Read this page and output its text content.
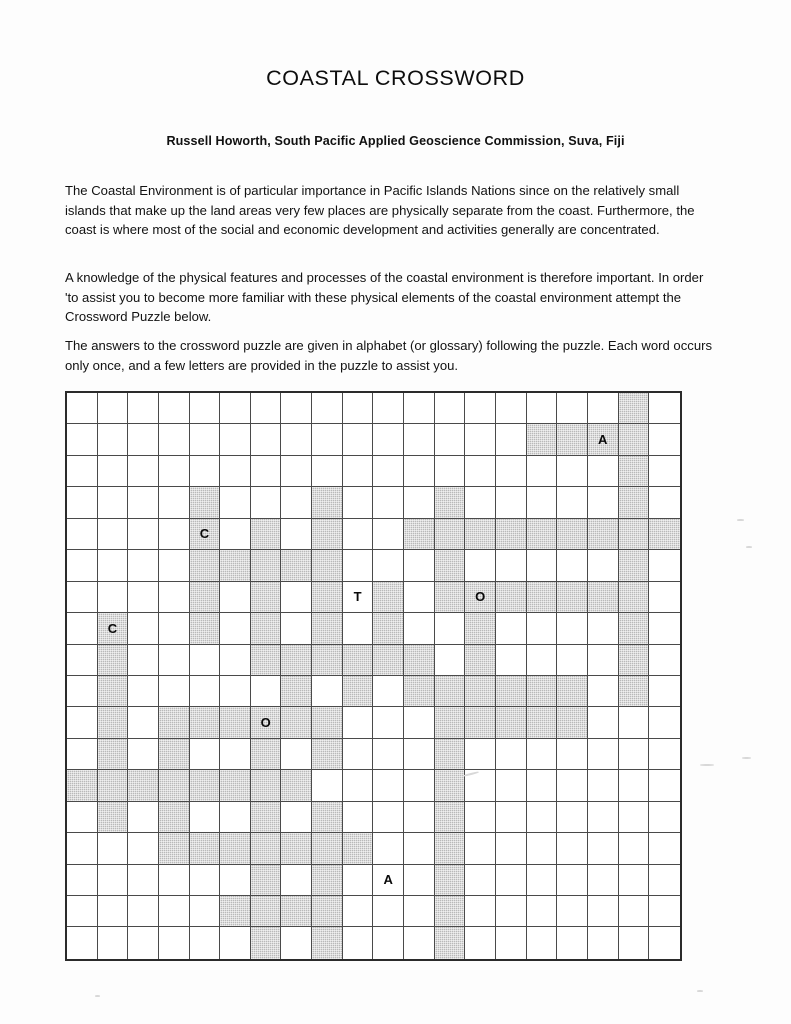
COASTAL CROSSWORD
Russell Howorth, South Pacific Applied Geoscience Commission, Suva, Fiji

The Coastal Environment is of particular importance in Pacific Islands Nations since on the relatively small islands that make up the land areas very few places are physically separate from the coast. Furthermore, the coast is where most of the social and economic development and activities generally are concentrated.

A knowledge of the physical features and processes of the coastal environment is therefore important. In order 'to assist you to become more familiar with these physical elements of the coastal environment attempt the Crossword Puzzle below.

The answers to the crossword puzzle are given in alphabet (or glossary) following the puzzle. Each word occurs only once, and a few letters are provided in the puzzle to assist you.

A
C
T	O
C
O
A
